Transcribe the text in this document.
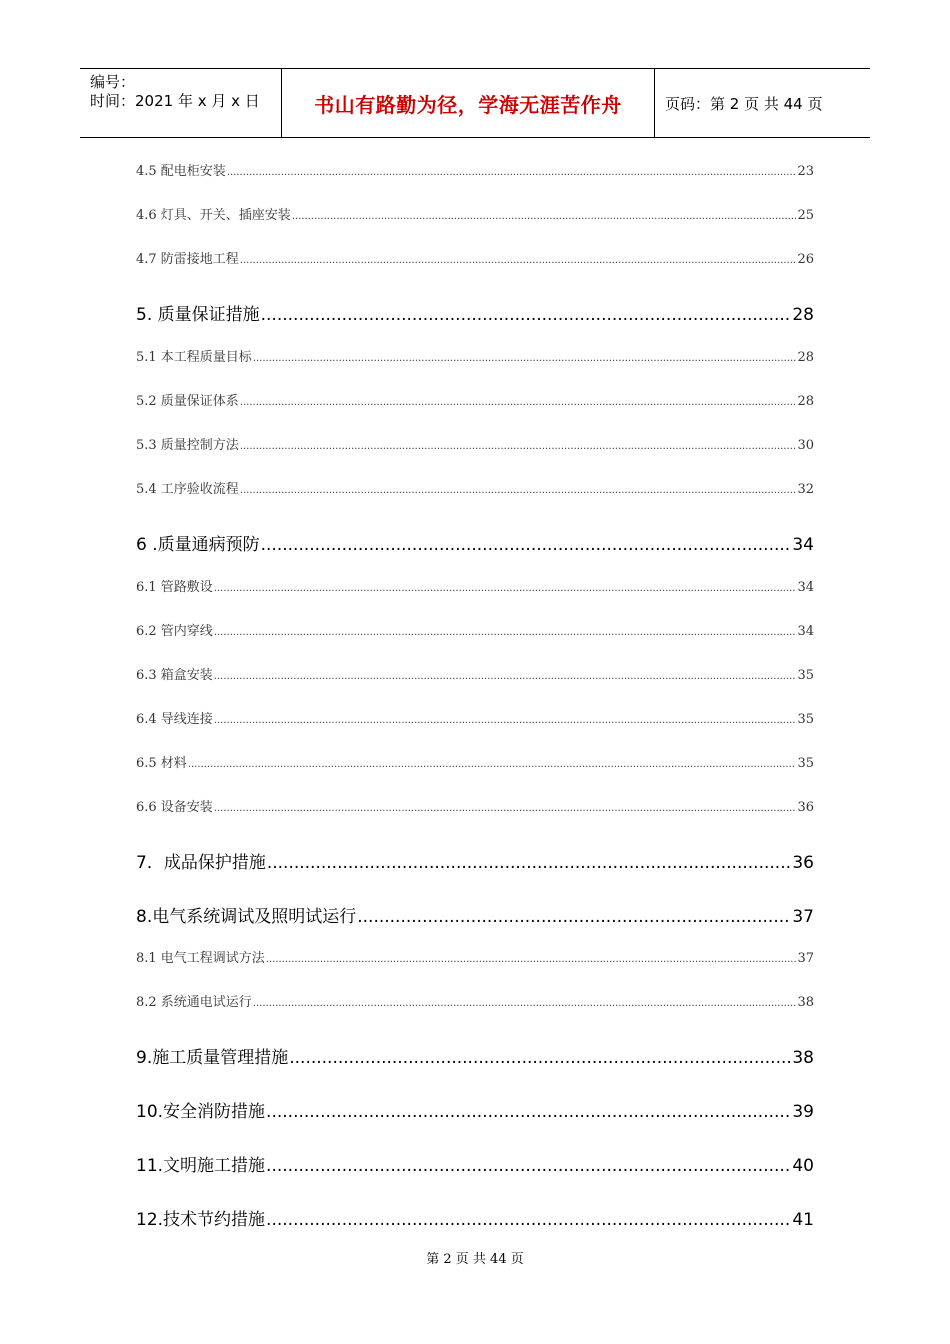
编号：
时间：2021 年 x 月 x 日	书山有路勤为径，学海无涯苦作舟	页码：第 2 页 共 44 页
4.5 配电柜安装 .....	23
4.6 灯具、开关、插座安装 .....	25
4.7 防雷接地工程 .....	26
5. 质量保证措施 .....	28
5.1 本工程质量目标 .....	28
5.2 质量保证体系 .....	28
5.3 质量控制方法 .....	30
5.4 工序验收流程 .....	32
6 .质量通病预防 .....	34
6.1 管路敷设 .....	34
6.2 管内穿线 .....	34
6.3 箱盒安装 .....	35
6.4 导线连接 .....	35
6.5 材料 .....	35
6.6 设备安装 .....	36
7．成品保护措施 .....	36
8.电气系统调试及照明试运行 .....	37
8.1 电气工程调试方法 .....	37
8.2 系统通电试运行 .....	38
9.施工质量管理措施 .....	38
10.安全消防措施 .....	39
11.文明施工措施 .....	40
12.技术节约措施 .....	41
第 2 页 共 44 页
